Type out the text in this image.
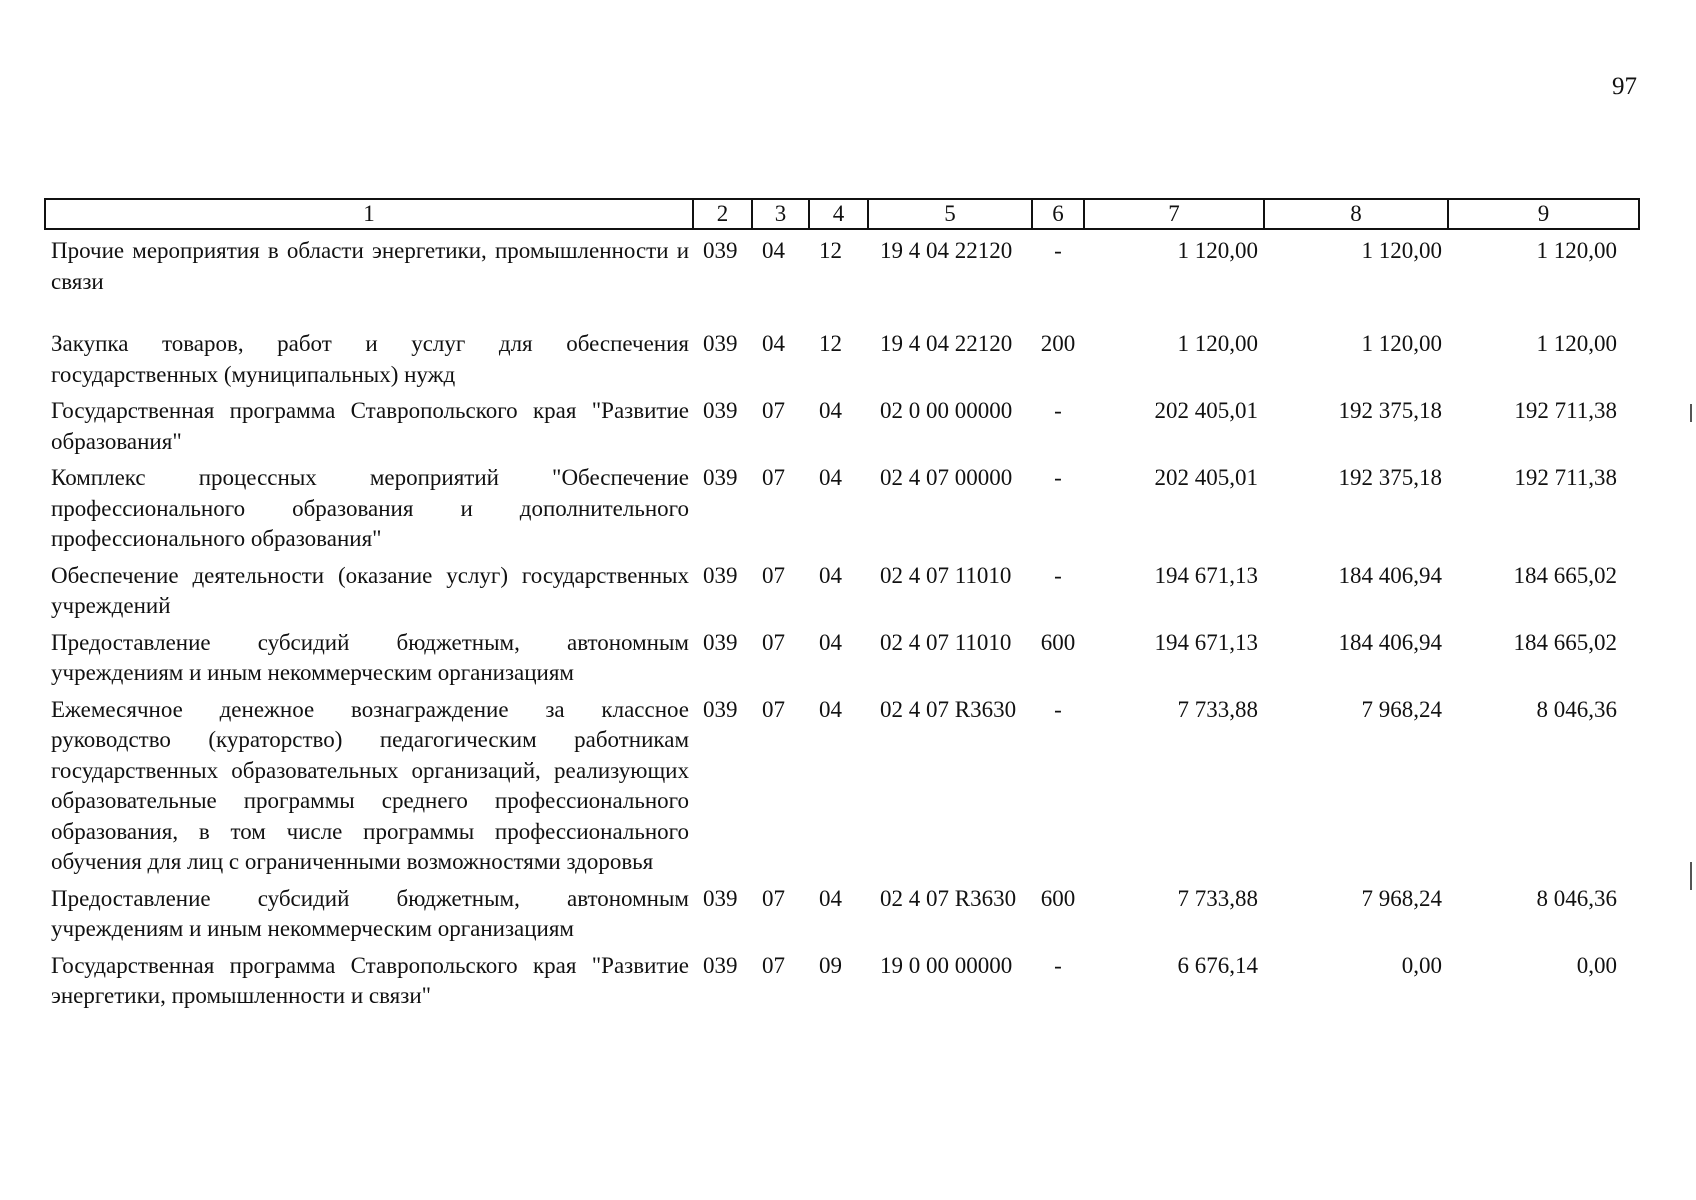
97
1	2	3	4	5	6	7	8	9
Прочие мероприятия в области энергетики, промышленности и связи	039	04	12	19 4 04 22120	-	1 120,00	1 120,00	1 120,00
Закупка товаров, работ и услуг для обеспечения государственных (муниципальных) нужд	039	04	12	19 4 04 22120	200	1 120,00	1 120,00	1 120,00
Государственная программа Ставропольского края "Развитие образования"	039	07	04	02 0 00 00000	-	202 405,01	192 375,18	192 711,38
Комплекс процессных мероприятий "Обеспечение профессионального образования и дополнительного профессионального образования"	039	07	04	02 4 07 00000	-	202 405,01	192 375,18	192 711,38
Обеспечение деятельности (оказание услуг) государственных учреждений	039	07	04	02 4 07 11010	-	194 671,13	184 406,94	184 665,02
Предоставление субсидий бюджетным, автономным учреждениям и иным некоммерческим организациям	039	07	04	02 4 07 11010	600	194 671,13	184 406,94	184 665,02
Ежемесячное денежное вознаграждение за классное руководство (кураторство) педагогическим работникам государственных образовательных организаций, реализующих образовательные программы среднего профессионального образования, в том числе программы профессионального обучения для лиц с ограниченными возможностями здоровья	039	07	04	02 4 07 R3630	-	7 733,88	7 968,24	8 046,36
Предоставление субсидий бюджетным, автономным учреждениям и иным некоммерческим организациям	039	07	04	02 4 07 R3630	600	7 733,88	7 968,24	8 046,36
Государственная программа Ставропольского края "Развитие энергетики, промышленности и связи"	039	07	09	19 0 00 00000	-	6 676,14	0,00	0,00
